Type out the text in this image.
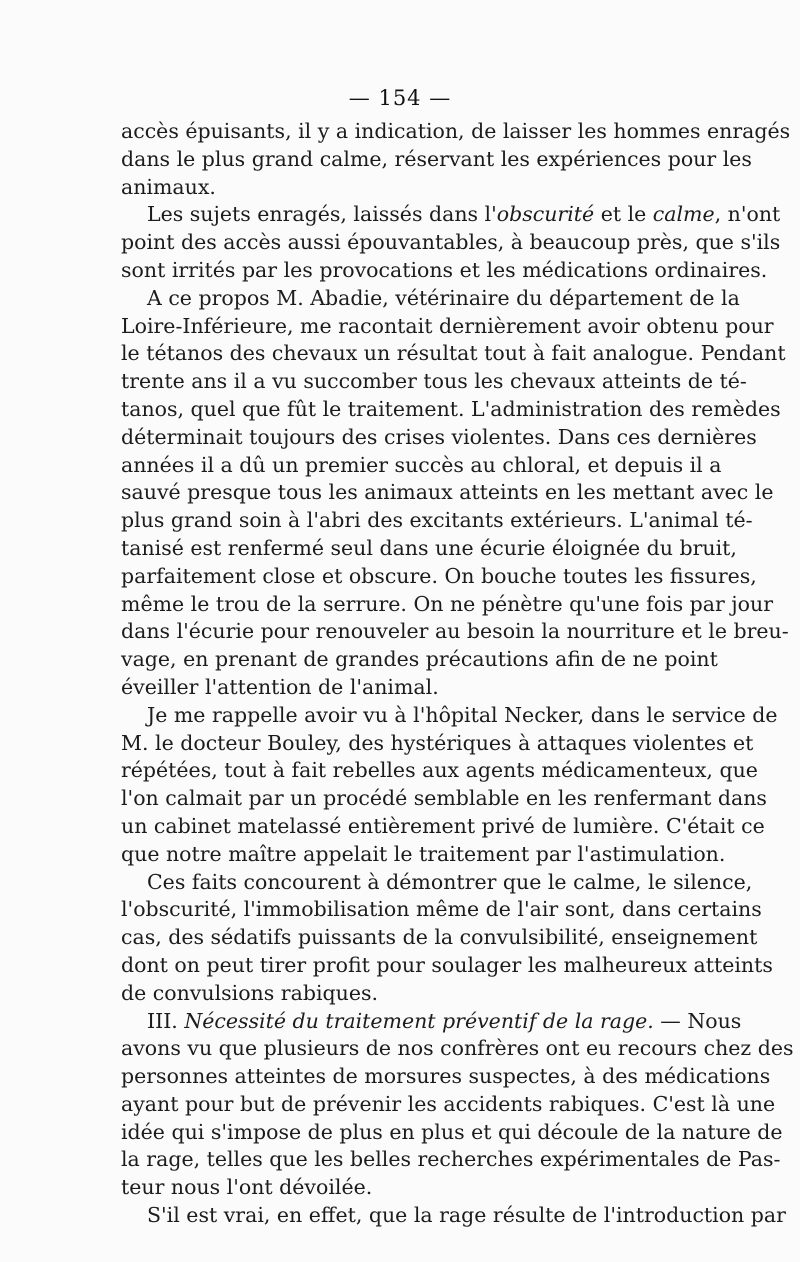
— 154 —

accès épuisants, il y a indication, de laisser les hommes enragés
dans le plus grand calme, réservant les expériences pour les
animaux.

Les sujets enragés, laissés dans l'obscurité et le calme, n'ont
point des accès aussi épouvantables, à beaucoup près, que s'ils
sont irrités par les provocations et les médications ordinaires.

A ce propos M. Abadie, vétérinaire du département de la
Loire-Inférieure, me racontait dernièrement avoir obtenu pour
le tétanos des chevaux un résultat tout à fait analogue. Pendant
trente ans il a vu succomber tous les chevaux atteints de té-
tanos, quel que fût le traitement. L'administration des remèdes
déterminait toujours des crises violentes. Dans ces dernières
années il a dû un premier succès au chloral, et depuis il a
sauvé presque tous les animaux atteints en les mettant avec le
plus grand soin à l'abri des excitants extérieurs. L'animal té-
tanisé est renfermé seul dans une écurie éloignée du bruit,
parfaitement close et obscure. On bouche toutes les fissures,
même le trou de la serrure. On ne pénètre qu'une fois par jour
dans l'écurie pour renouveler au besoin la nourriture et le breu-
vage, en prenant de grandes précautions afin de ne point
éveiller l'attention de l'animal.

Je me rappelle avoir vu à l'hôpital Necker, dans le service de
M. le docteur Bouley, des hystériques à attaques violentes et
répétées, tout à fait rebelles aux agents médicamenteux, que
l'on calmait par un procédé semblable en les renfermant dans
un cabinet matelassé entièrement privé de lumière. C'était ce
que notre maître appelait le traitement par l'astimulation.

Ces faits concourent à démontrer que le calme, le silence,
l'obscurité, l'immobilisation même de l'air sont, dans certains
cas, des sédatifs puissants de la convulsibilité, enseignement
dont on peut tirer profit pour soulager les malheureux atteints
de convulsions rabiques.

III. Nécessité du traitement préventif de la rage. — Nous
avons vu que plusieurs de nos confrères ont eu recours chez des
personnes atteintes de morsures suspectes, à des médications
ayant pour but de prévenir les accidents rabiques. C'est là une
idée qui s'impose de plus en plus et qui découle de la nature de
la rage, telles que les belles recherches expérimentales de Pas-
teur nous l'ont dévoilée.

S'il est vrai, en effet, que la rage résulte de l'introduction par
